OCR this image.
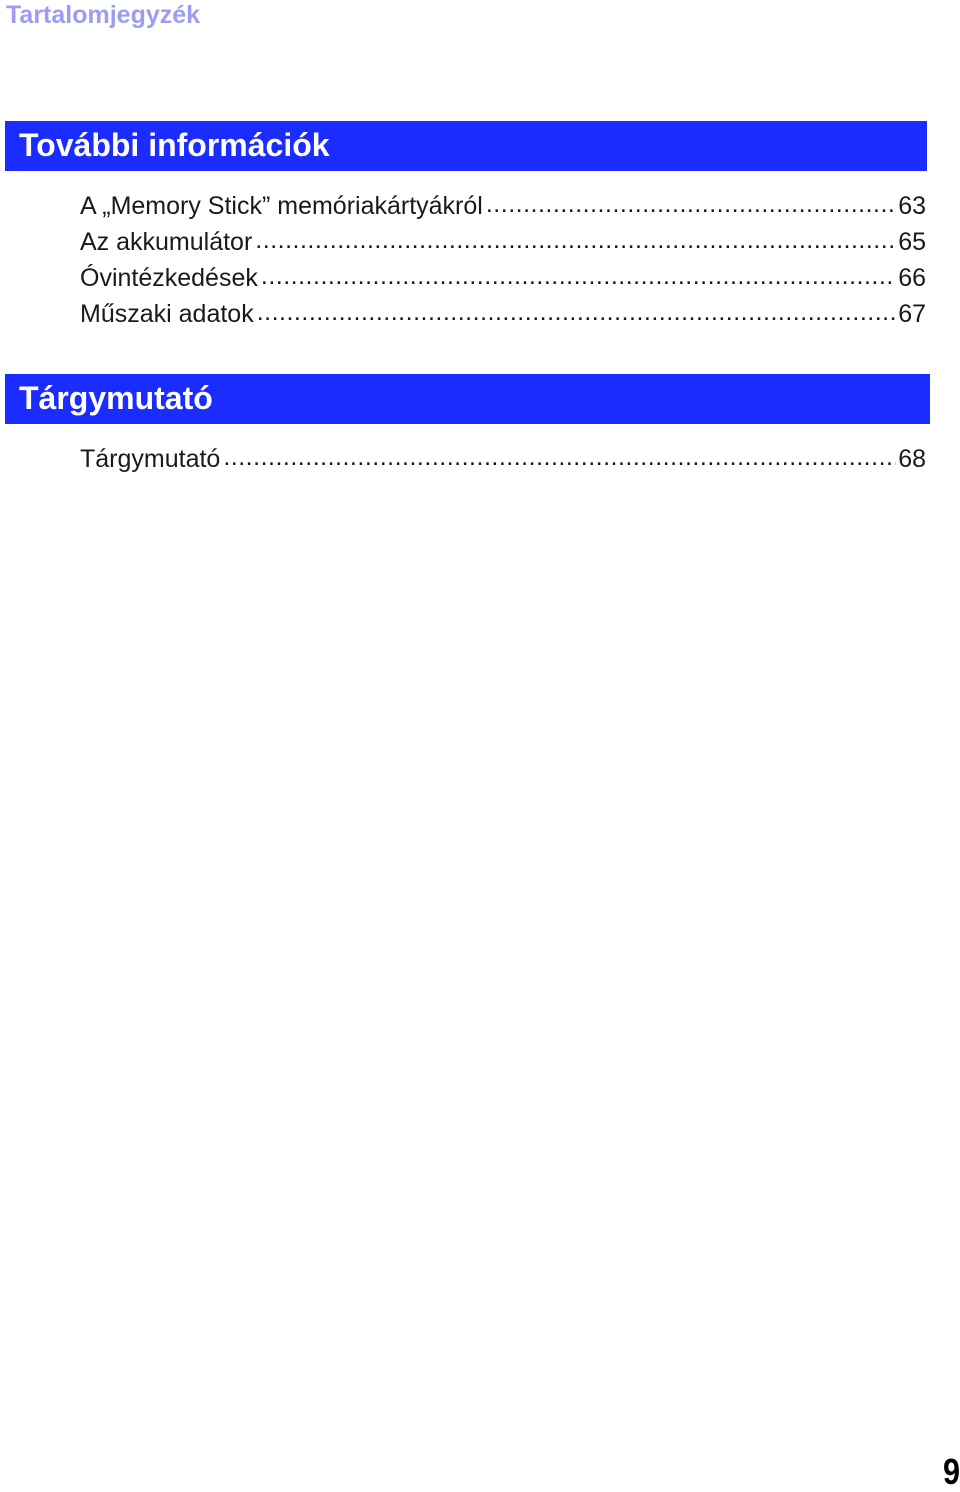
Tartalomjegyzék

További információk
A „Memory Stick” memóriakártyákról .....	63
Az akkumulátor .....	65
Óvintézkedések .....	66
Műszaki adatok .....	67
Tárgymutató
Tárgymutató .....	68

9
